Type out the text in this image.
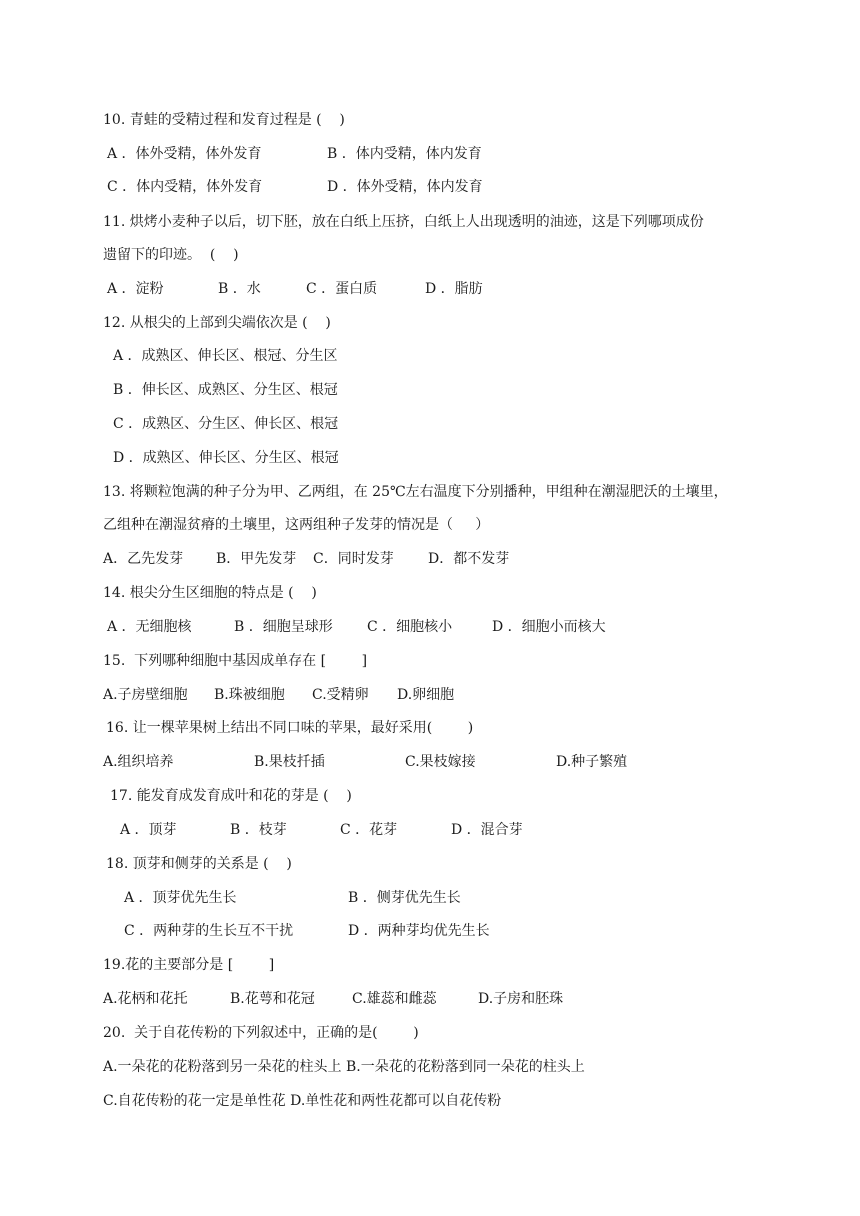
10. 青蛙的受精过程和发育过程是 (    )
A ．体外受精，体外发育	B ．体内受精，体内发育
C ．体内受精，体外发育	D ．体外受精，体内发育
11. 烘烤小麦种子以后，切下胚，放在白纸上压挤，白纸上人出现透明的油迹，这是下列哪项成份
遗留下的印迹。  (    )
A ．淀粉	B ．水	C ．蛋白质	D ．脂肪
12. 从根尖的上部到尖端依次是 (    )
A ．成熟区、伸长区、根冠、分生区
B ．伸长区、成熟区、分生区、根冠
C ．成熟区、分生区、伸长区、根冠
D ．成熟区、伸长区、分生区、根冠
13. 将颗粒饱满的种子分为甲、乙两组，在 25℃左右温度下分别播种，甲组种在潮湿肥沃的土壤里，
乙组种在潮湿贫瘠的土壤里，这两组种子发芽的情况是（     ）
A．乙先发芽 B．甲先发芽 C．同时发芽 D．都不发芽
14. 根尖分生区细胞的特点是 (    )
A ．无细胞核	B ．细胞呈球形 C ．细胞核小	D ．细胞小而核大
15.  下列哪种细胞中基因成单存在 [        ]
A.子房壁细胞 B.珠被细胞 C.受精卵 D.卵细胞
16. 让一棵苹果树上结出不同口味的苹果，最好采用(        )
A.组织培养	B.果枝扦插	C.果枝嫁接	D.种子繁殖
17. 能发育成发育成叶和花的芽是 (    )
A ．顶芽	B ．枝芽	C ．花芽	D ．混合芽
18. 顶芽和侧芽的关系是 (    )
A ．顶芽优先生长	B ．侧芽优先生长
C ．两种芽的生长互不干扰	D ．两种芽均优先生长
19.花的主要部分是 [        ]
A.花柄和花托	B.花萼和花冠	C.雄蕊和雌蕊	D.子房和胚珠
20.  关于自花传粉的下列叙述中，正确的是(        )
A.一朵花的花粉落到另一朵花的柱头上 B.一朵花的花粉落到同一朵花的柱头上
C.自花传粉的花一定是单性花 D.单性花和两性花都可以自花传粉
